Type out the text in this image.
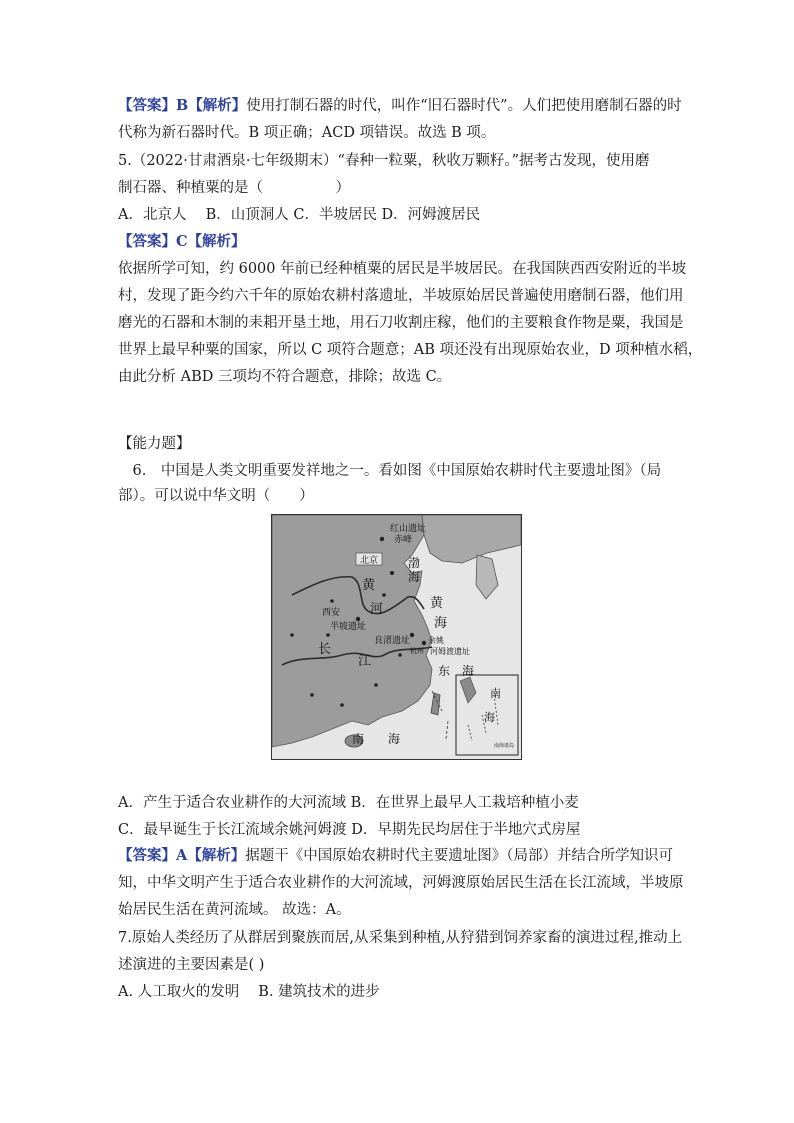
【答案】B【解析】使用打制石器的时代，叫作“旧石器时代”。人们把使用磨制石器的时
代称为新石器时代。B 项正确；ACD 项错误。故选 B 项。
5.（2022·甘肃酒泉·七年级期末）“春种一粒粟，秋收万颗籽。”据考古发现，使用磨
制石器、种植粟的是（　　　　　）
A．北京人　 B．山顶洞人 C．半坡居民 D．河姆渡居民
【答案】C【解析】
依据所学可知，约 6000 年前已经种植粟的居民是半坡居民。在我国陕西西安附近的半坡
村，发现了距今约六千年的原始农耕村落遗址，半坡原始居民普遍使用磨制石器，他们用
磨光的石器和木制的耒耜开垦土地，用石刀收割庄稼，他们的主要粮食作物是粟，我国是
世界上最早种粟的国家，所以 C 项符合题意；AB 项还没有出现原始农业，D 项种植水稻，
由此分析 ABD 三项均不符合题意，排除；故选 C。
【能力题】
　6.　中国是人类文明重要发祥地之一。看如图《中国原始农耕时代主要遗址图》（局
部）。可以说中华文明（　　）
红山遗址
赤峰
北京 渤
海
黄
河
西安
半坡遗址
黄
海
良渚遗址 余姚
河姆渡遗址
杭州
长
江
东　海
南　　海
南
海
南海诸岛
A．产生于适合农业耕作的大河流域 B．在世界上最早人工栽培种植小麦
C．最早诞生于长江流域余姚河姆渡 D．早期先民均居住于半地穴式房屋
【答案】A【解析】据题干《中国原始农耕时代主要遗址图》（局部）并结合所学知识可
知，中华文明产生于适合农业耕作的大河流域，河姆渡原始居民生活在长江流域，半坡原
始居民生活在黄河流域。 故选：A。
7.原始人类经历了从群居到聚族而居,从采集到种植,从狩猎到饲养家畜的演进过程,推动上
述演进的主要因素是( )
A. 人工取火的发明　 B. 建筑技术的进步
